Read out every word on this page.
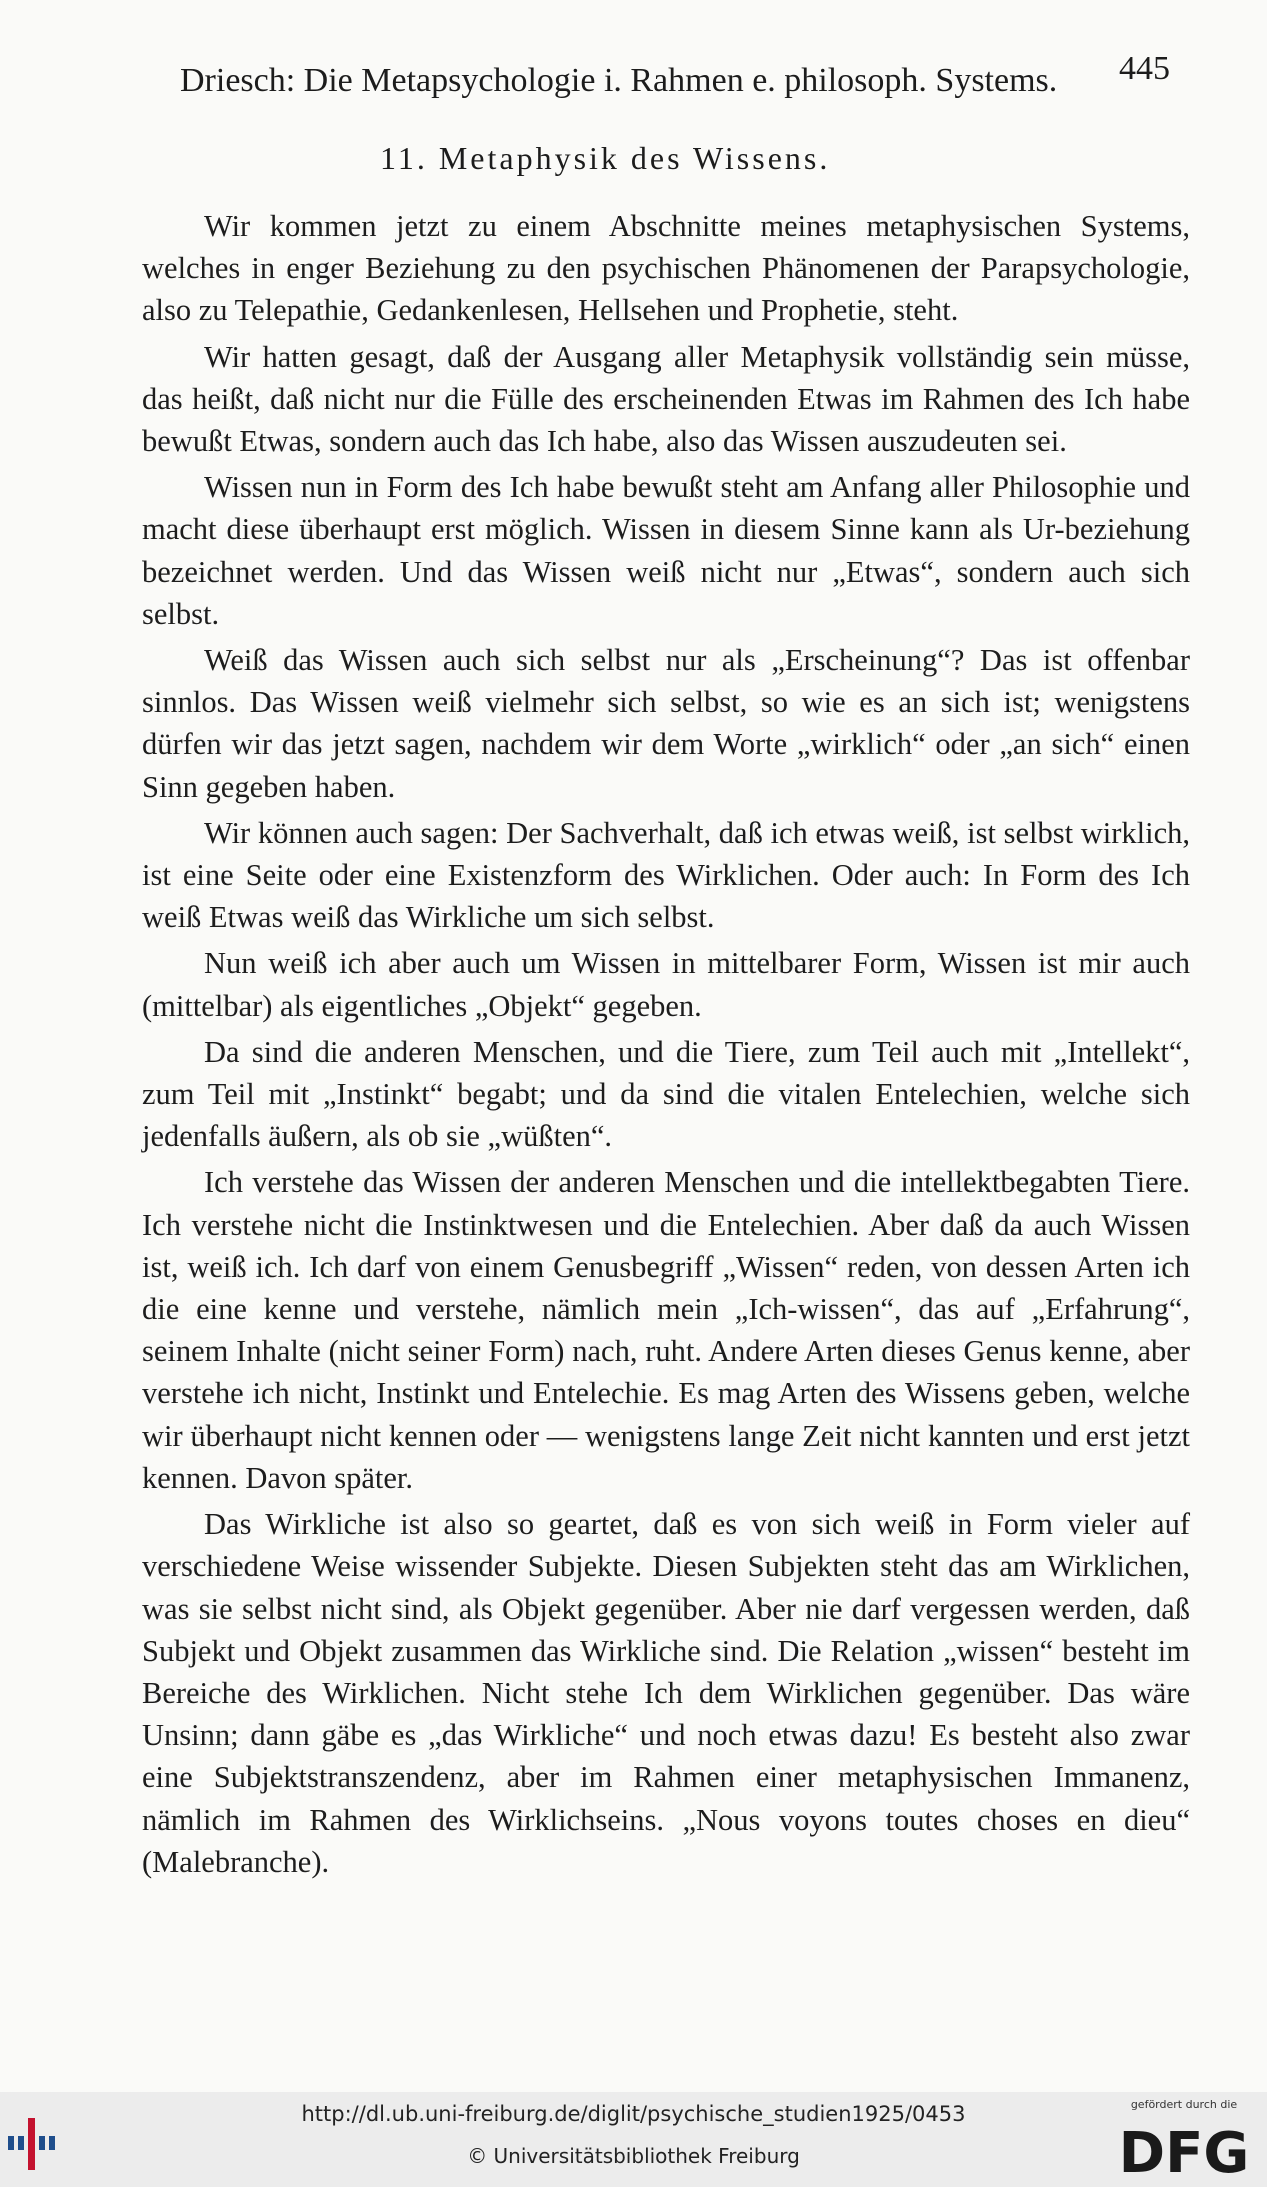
Driesch: Die Metapsychologie i. Rahmen e. philosoph. Systems. 445
11. Metaphysik des Wissens.

Wir kommen jetzt zu einem Abschnitte meines metaphysischen Systems, welches in enger Beziehung zu den psychischen Phänomenen der Parapsychologie, also zu Telepathie, Gedankenlesen, Hellsehen und Prophetie, steht.

Wir hatten gesagt, daß der Ausgang aller Metaphysik vollständig sein müsse, das heißt, daß nicht nur die Fülle des erscheinenden Etwas im Rahmen des Ich habe bewußt Etwas, sondern auch das Ich habe, also das Wissen auszudeuten sei.

Wissen nun in Form des Ich habe bewußt steht am Anfang aller Philosophie und macht diese überhaupt erst möglich. Wissen in diesem Sinne kann als Ur-beziehung bezeichnet werden. Und das Wissen weiß nicht nur „Etwas“, sondern auch sich selbst.

Weiß das Wissen auch sich selbst nur als „Erscheinung“? Das ist offenbar sinnlos. Das Wissen weiß vielmehr sich selbst, so wie es an sich ist; wenigstens dürfen wir das jetzt sagen, nachdem wir dem Worte „wirklich“ oder „an sich“ einen Sinn gegeben haben.

Wir können auch sagen: Der Sachverhalt, daß ich etwas weiß, ist selbst wirklich, ist eine Seite oder eine Existenzform des Wirklichen. Oder auch: In Form des Ich weiß Etwas weiß das Wirkliche um sich selbst.

Nun weiß ich aber auch um Wissen in mittelbarer Form, Wissen ist mir auch (mittelbar) als eigentliches „Objekt“ gegeben.

Da sind die anderen Menschen, und die Tiere, zum Teil auch mit „Intellekt“, zum Teil mit „Instinkt“ begabt; und da sind die vitalen Entelechien, welche sich jedenfalls äußern, als ob sie „wüßten“.

Ich verstehe das Wissen der anderen Menschen und die intellektbegabten Tiere. Ich verstehe nicht die Instinktwesen und die Entelechien. Aber daß da auch Wissen ist, weiß ich. Ich darf von einem Genusbegriff „Wissen“ reden, von dessen Arten ich die eine kenne und verstehe, nämlich mein „Ich-wissen“, das auf „Erfahrung“, seinem Inhalte (nicht seiner Form) nach, ruht. Andere Arten dieses Genus kenne, aber verstehe ich nicht, Instinkt und Entelechie. Es mag Arten des Wissens geben, welche wir überhaupt nicht kennen oder — wenigstens lange Zeit nicht kannten und erst jetzt kennen. Davon später.

Das Wirkliche ist also so geartet, daß es von sich weiß in Form vieler auf verschiedene Weise wissender Subjekte. Diesen Subjekten steht das am Wirklichen, was sie selbst nicht sind, als Objekt gegenüber. Aber nie darf vergessen werden, daß Subjekt und Objekt zusammen das Wirkliche sind. Die Relation „wissen“ besteht im Bereiche des Wirklichen. Nicht stehe Ich dem Wirklichen gegenüber. Das wäre Unsinn; dann gäbe es „das Wirkliche“ und noch etwas dazu! Es besteht also zwar eine Subjektstranszendenz, aber im Rahmen einer metaphysischen Immanenz, nämlich im Rahmen des Wirklichseins. „Nous voyons toutes choses en dieu“ (Malebranche).

http://dl.ub.uni-freiburg.de/diglit/psychische_studien1925/0453
© Universitätsbibliothek Freiburg
gefördert durch die
DFG
